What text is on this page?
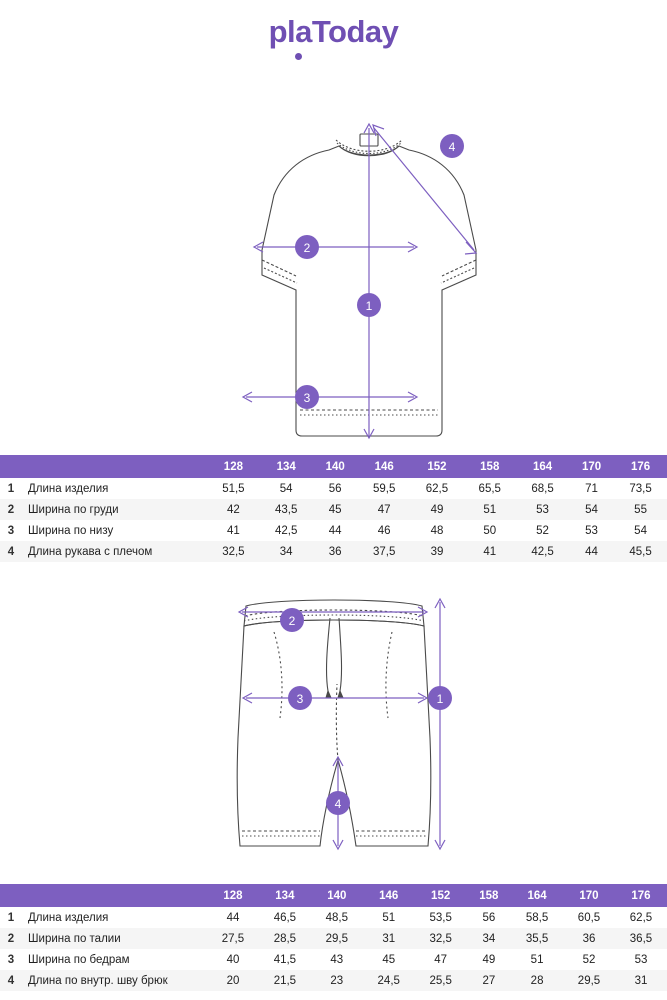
plaToday
1
2
3
4
		128	134	140	146	152	158	164	170	176
1	Длина изделия	51,5	54	56	59,5	62,5	65,5	68,5	71	73,5
2	Ширина по груди	42	43,5	45	47	49	51	53	54	55
3	Ширина по низу	41	42,5	44	46	48	50	52	53	54
4	Длина рукава с плечом	32,5	34	36	37,5	39	41	42,5	44	45,5
2
3	1
4
		128	134	140	146	152	158	164	170	176
1	Длина изделия	44	46,5	48,5	51	53,5	56	58,5	60,5	62,5
2	Ширина по талии	27,5	28,5	29,5	31	32,5	34	35,5	36	36,5
3	Ширина по бедрам	40	41,5	43	45	47	49	51	52	53
4	Длина по внутр. шву брюк	20	21,5	23	24,5	25,5	27	28	29,5	31
